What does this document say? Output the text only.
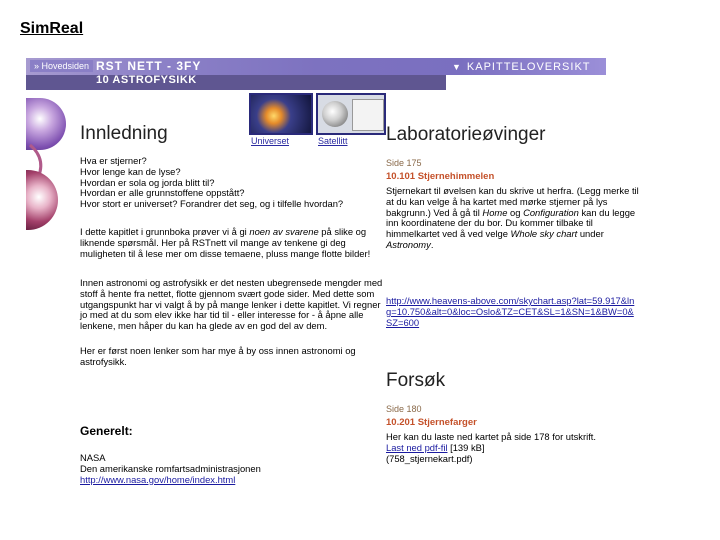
SimReal
» Hovedsiden RST NETT - 3FY
10 ASTROFYSIKK
▼ KAPITTELOVERSIKT
Universet	Satellitt
Innledning
Hva er stjerner?
Hvor lenge kan de lyse?
Hvordan er sola og jorda blitt til?
Hvordan er alle grunnstoffene oppstått?
Hvor stort er universet? Forandrer det seg, og i tilfelle hvordan?
I dette kapitlet i grunnboka prøver vi å gi noen av svarene på slike og liknende spørsmål. Her på RSTnett vil mange av tenkene gi deg muligheten til å lese mer om disse temaene, pluss mange flotte bilder!
Innen astronomi og astrofysikk er det nesten ubegrensede mengder med stoff å hente fra nettet, flotte gjennom svært gode sider. Med dette som utgangspunkt har vi valgt å by på mange lenker i dette kapitlet. Vi regner jo med at du som elev ikke har tid til - eller interesse for - å åpne alle lenkene, men håper du kan ha glede av en god del av dem.
Her er først noen lenker som har mye å by oss innen astronomi og astrofysikk.
Generelt:
NASA
Den amerikanske romfartsadministrasjonen
http://www.nasa.gov/home/index.html
Laboratorieøvinger
Side 175
10.101 Stjernehimmelen
Stjernekart til øvelsen kan du skrive ut herfra. (Legg merke til at du kan velge å ha kartet med mørke stjerner på lys bakgrunn.) Ved å gå til Home og Configuration kan du legge inn koordinatene der du bor. Du kommer tilbake til himmelkartet ved å ved velge Whole sky chart under Astronomy.
http://www.heavens-above.com/skychart.asp?lat=59.917&lng=10.750&alt=0&loc=Oslo&TZ=CET&SL=1&SN=1&BW=0&SZ=600
Forsøk
Side 180
10.201 Stjernefarger
Her kan du laste ned kartet på side 178 for utskrift.
Last ned pdf-fil [139 kB]
(758_stjernekart.pdf)
